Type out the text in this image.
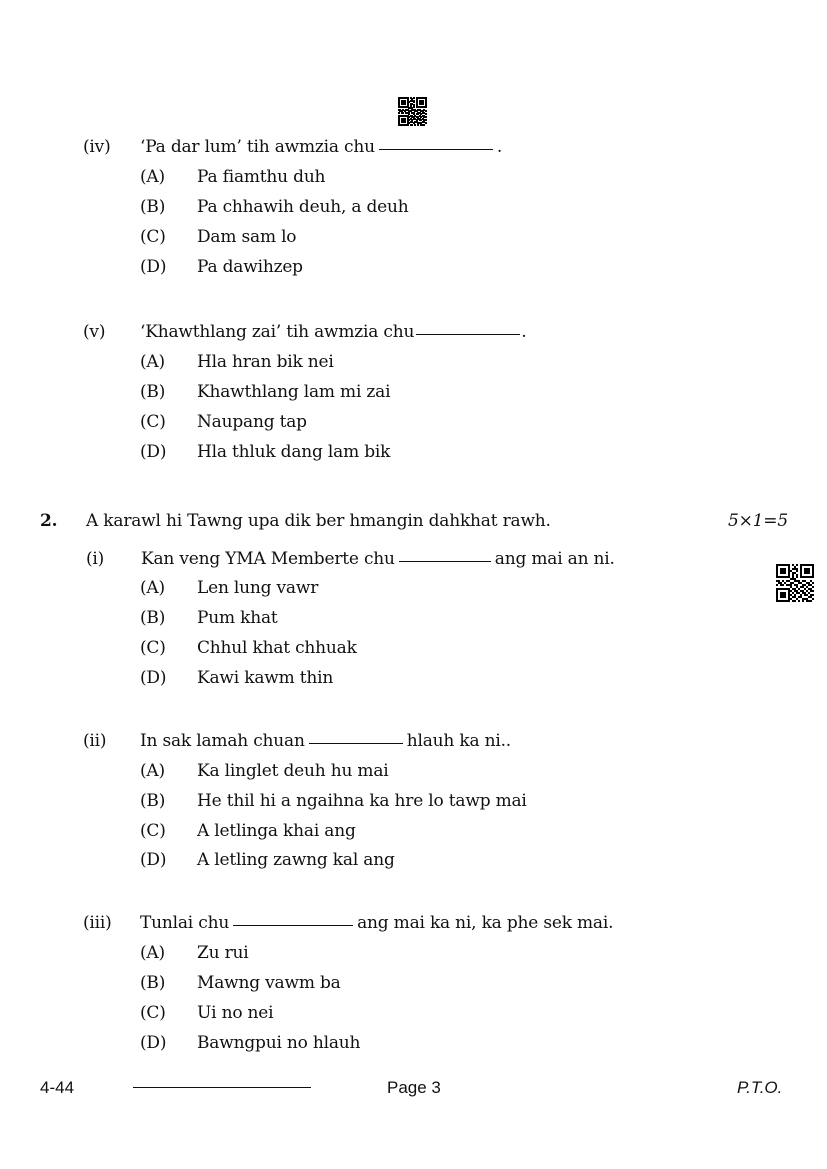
(iv) ‘Pa dar lum’ tih awmzia chu	.
(A) Pa fiamthu duh
(B) Pa chhawih deuh, a deuh
(C) Dam sam lo
(D) Pa dawihzep
(v) ‘Khawthlang zai’ tih awmzia chu	.
(A) Hla hran bik nei
(B) Khawthlang lam mi zai
(C) Naupang tap
(D) Hla thluk dang lam bik
2. A karawl hi Tawng upa dik ber hmangin dahkhat rawh.	5×1=5
(i) Kan veng YMA Memberte chu	ang mai an ni.
(A) Len lung vawr
(B) Pum khat
(C) Chhul khat chhuak
(D) Kawi kawm thin
(ii) In sak lamah chuan	hlauh ka ni..
(A) Ka linglet deuh hu mai
(B) He thil hi a ngaihna ka hre lo tawp mai
(C) A letlinga khai ang
(D) A letling zawng kal ang
(iii) Tunlai chu	ang mai ka ni, ka phe sek mai.
(A) Zu rui
(B) Mawng vawm ba
(C) Ui no nei
(D) Bawngpui no hlauh
4-44	Page 3	P.T.O.
